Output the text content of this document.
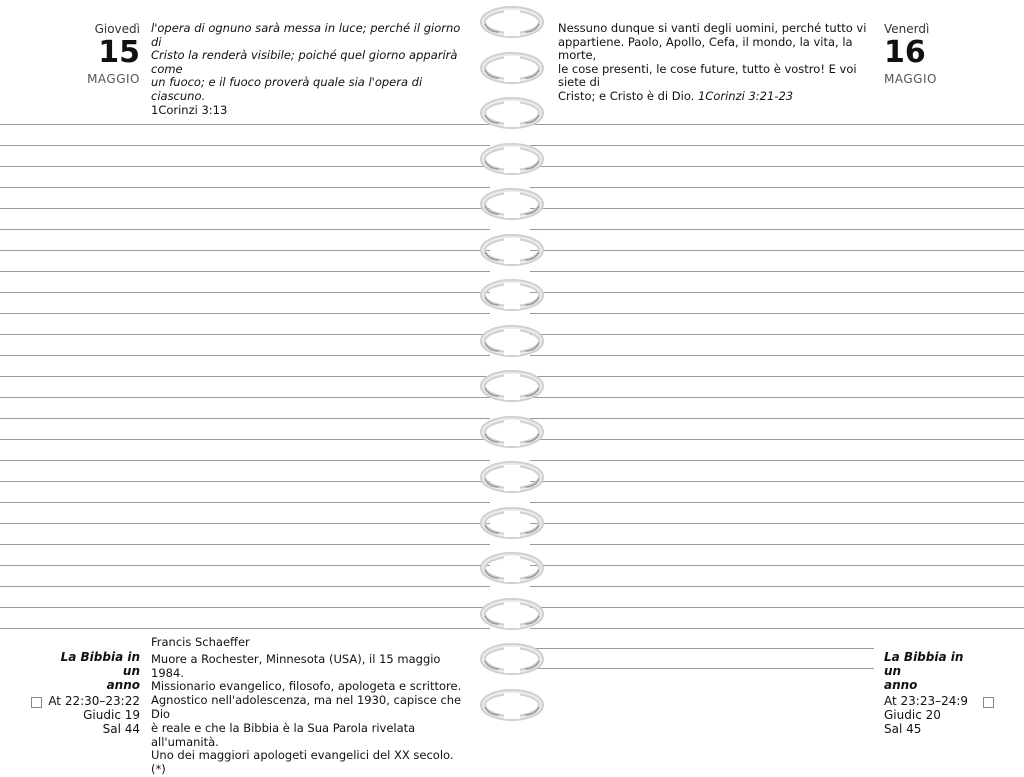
Giovedì
15
MAGGIO
l'opera di ognuno sarà messa in luce; perché il giorno di
Cristo la renderà visibile; poiché quel giorno apparirà come
un fuoco; e il fuoco proverà quale sia l'opera di ciascuno.
1Corinzi 3:13
Nessuno dunque si vanti degli uomini, perché tutto vi
appartiene. Paolo, Apollo, Cefa, il mondo, la vita, la morte,
le cose presenti, le cose future, tutto è vostro! E voi siete di
Cristo; e Cristo è di Dio. 1Corinzi 3:21-23
Venerdì
16
MAGGIO
La Bibbia in un
anno
At 22:30–23:22
Giudic 19
Sal 44
Francis Schaeffer
Muore a Rochester, Minnesota (USA), il 15 maggio 1984.
Missionario evangelico, filosofo, apologeta e scrittore.
Agnostico nell'adolescenza, ma nel 1930, capisce che Dio
è reale e che la Bibbia è la Sua Parola rivelata all'umanità.
Uno dei maggiori apologeti evangelici del XX secolo. (*)
La Bibbia in un
anno
At 23:23–24:9
Giudic 20
Sal 45
